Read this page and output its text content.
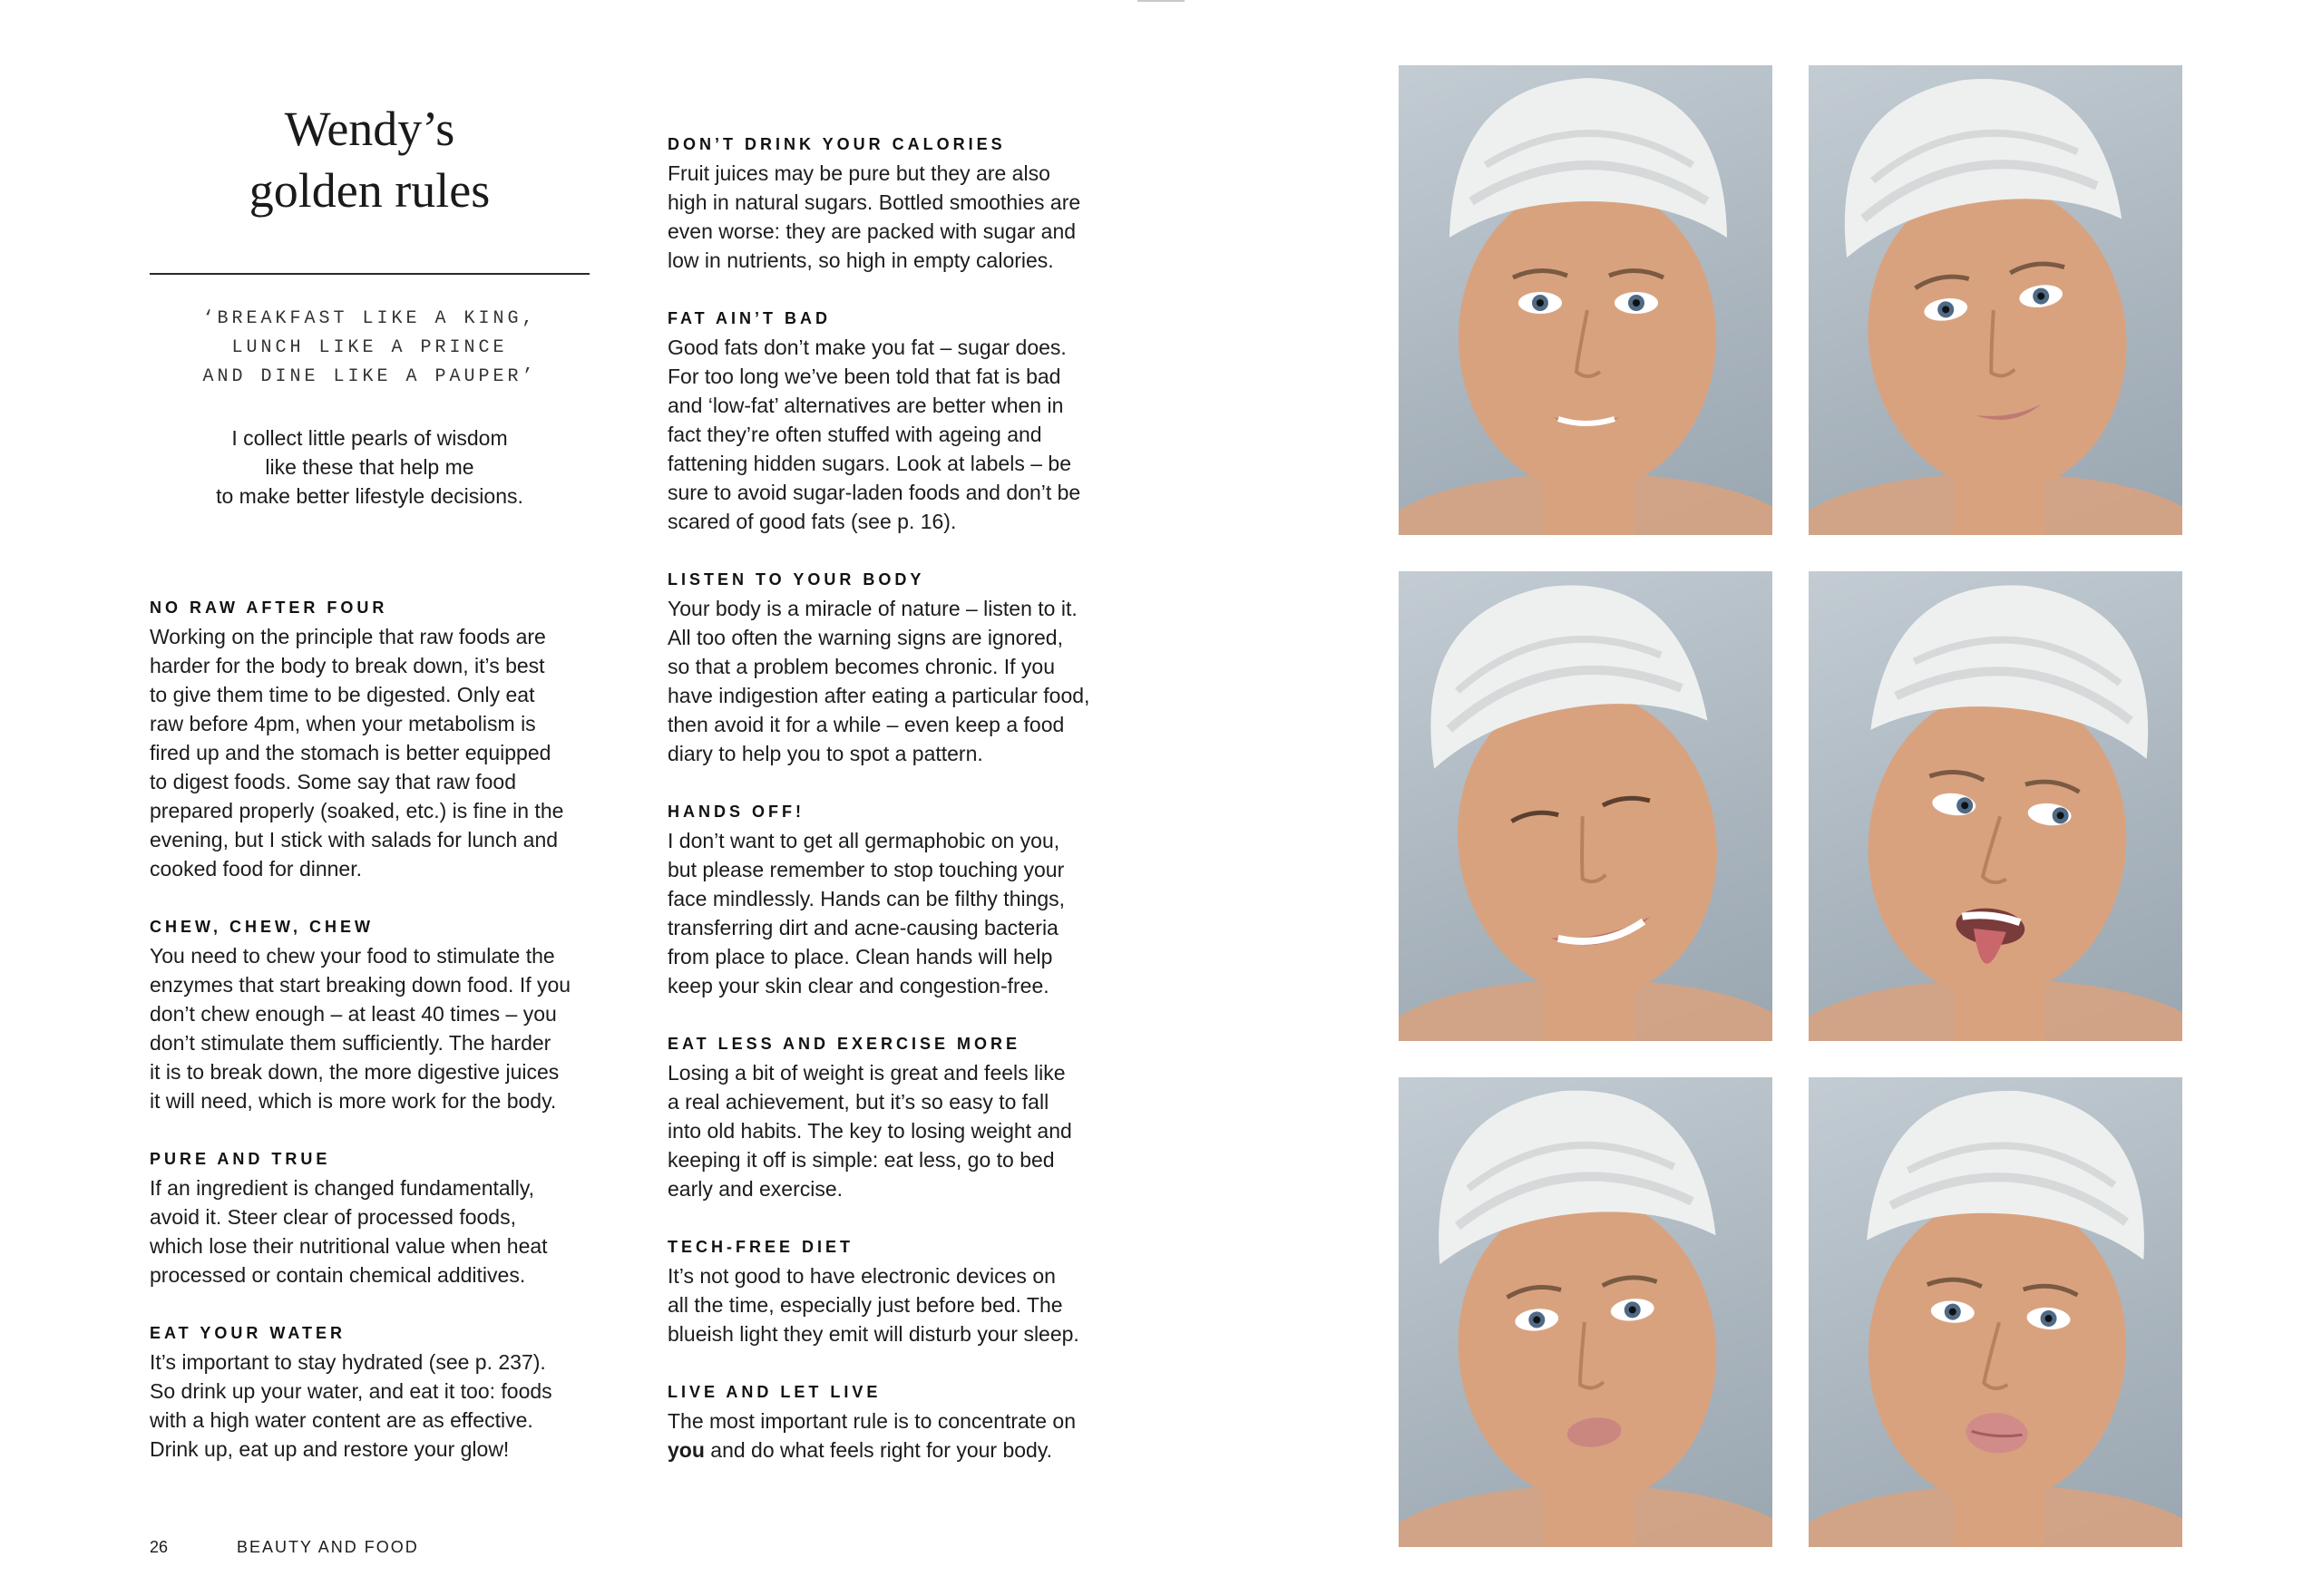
Wendy’s
golden rules
‘BREAKFAST LIKE A KING,
LUNCH LIKE A PRINCE
AND DINE LIKE A PAUPER’
I collect little pearls of wisdom
like these that help me
to make better lifestyle decisions.
NO RAW AFTER FOUR
Working on the principle that raw foods are
harder for the body to break down, it’s best
to give them time to be digested. Only eat
raw before 4pm, when your metabolism is
fired up and the stomach is better equipped
to digest foods. Some say that raw food
prepared properly (soaked, etc.) is fine in the
evening, but I stick with salads for lunch and
cooked food for dinner.
CHEW, CHEW, CHEW
You need to chew your food to stimulate the
enzymes that start breaking down food. If you
don’t chew enough – at least 40 times – you
don’t stimulate them sufficiently. The harder
it is to break down, the more digestive juices
it will need, which is more work for the body.
PURE AND TRUE
If an ingredient is changed fundamentally,
avoid it. Steer clear of processed foods,
which lose their nutritional value when heat
processed or contain chemical additives.
EAT YOUR WATER
It’s important to stay hydrated (see p. 237).
So drink up your water, and eat it too: foods
with a high water content are as effective.
Drink up, eat up and restore your glow!
DON’T DRINK YOUR CALORIES
Fruit juices may be pure but they are also
high in natural sugars. Bottled smoothies are
even worse: they are packed with sugar and
low in nutrients, so high in empty calories.
FAT AIN’T BAD
Good fats don’t make you fat – sugar does.
For too long we’ve been told that fat is bad
and ‘low-fat’ alternatives are better when in
fact they’re often stuffed with ageing and
fattening hidden sugars. Look at labels – be
sure to avoid sugar-laden foods and don’t be
scared of good fats (see p. 16).
LISTEN TO YOUR BODY
Your body is a miracle of nature – listen to it.
All too often the warning signs are ignored,
so that a problem becomes chronic. If you
have indigestion after eating a particular food,
then avoid it for a while – even keep a food
diary to help you to spot a pattern.
HANDS OFF!
I don’t want to get all germaphobic on you,
but please remember to stop touching your
face mindlessly. Hands can be filthy things,
transferring dirt and acne-causing bacteria
from place to place. Clean hands will help
keep your skin clear and congestion-free.
EAT LESS AND EXERCISE MORE
Losing a bit of weight is great and feels like
a real achievement, but it’s so easy to fall
into old habits. The key to losing weight and
keeping it off is simple: eat less, go to bed
early and exercise.
TECH-FREE DIET
It’s not good to have electronic devices on
all the time, especially just before bed. The
blueish light they emit will disturb your sleep.
LIVE AND LET LIVE
The most important rule is to concentrate on
you and do what feels right for your body.
26	BEAUTY AND FOOD
